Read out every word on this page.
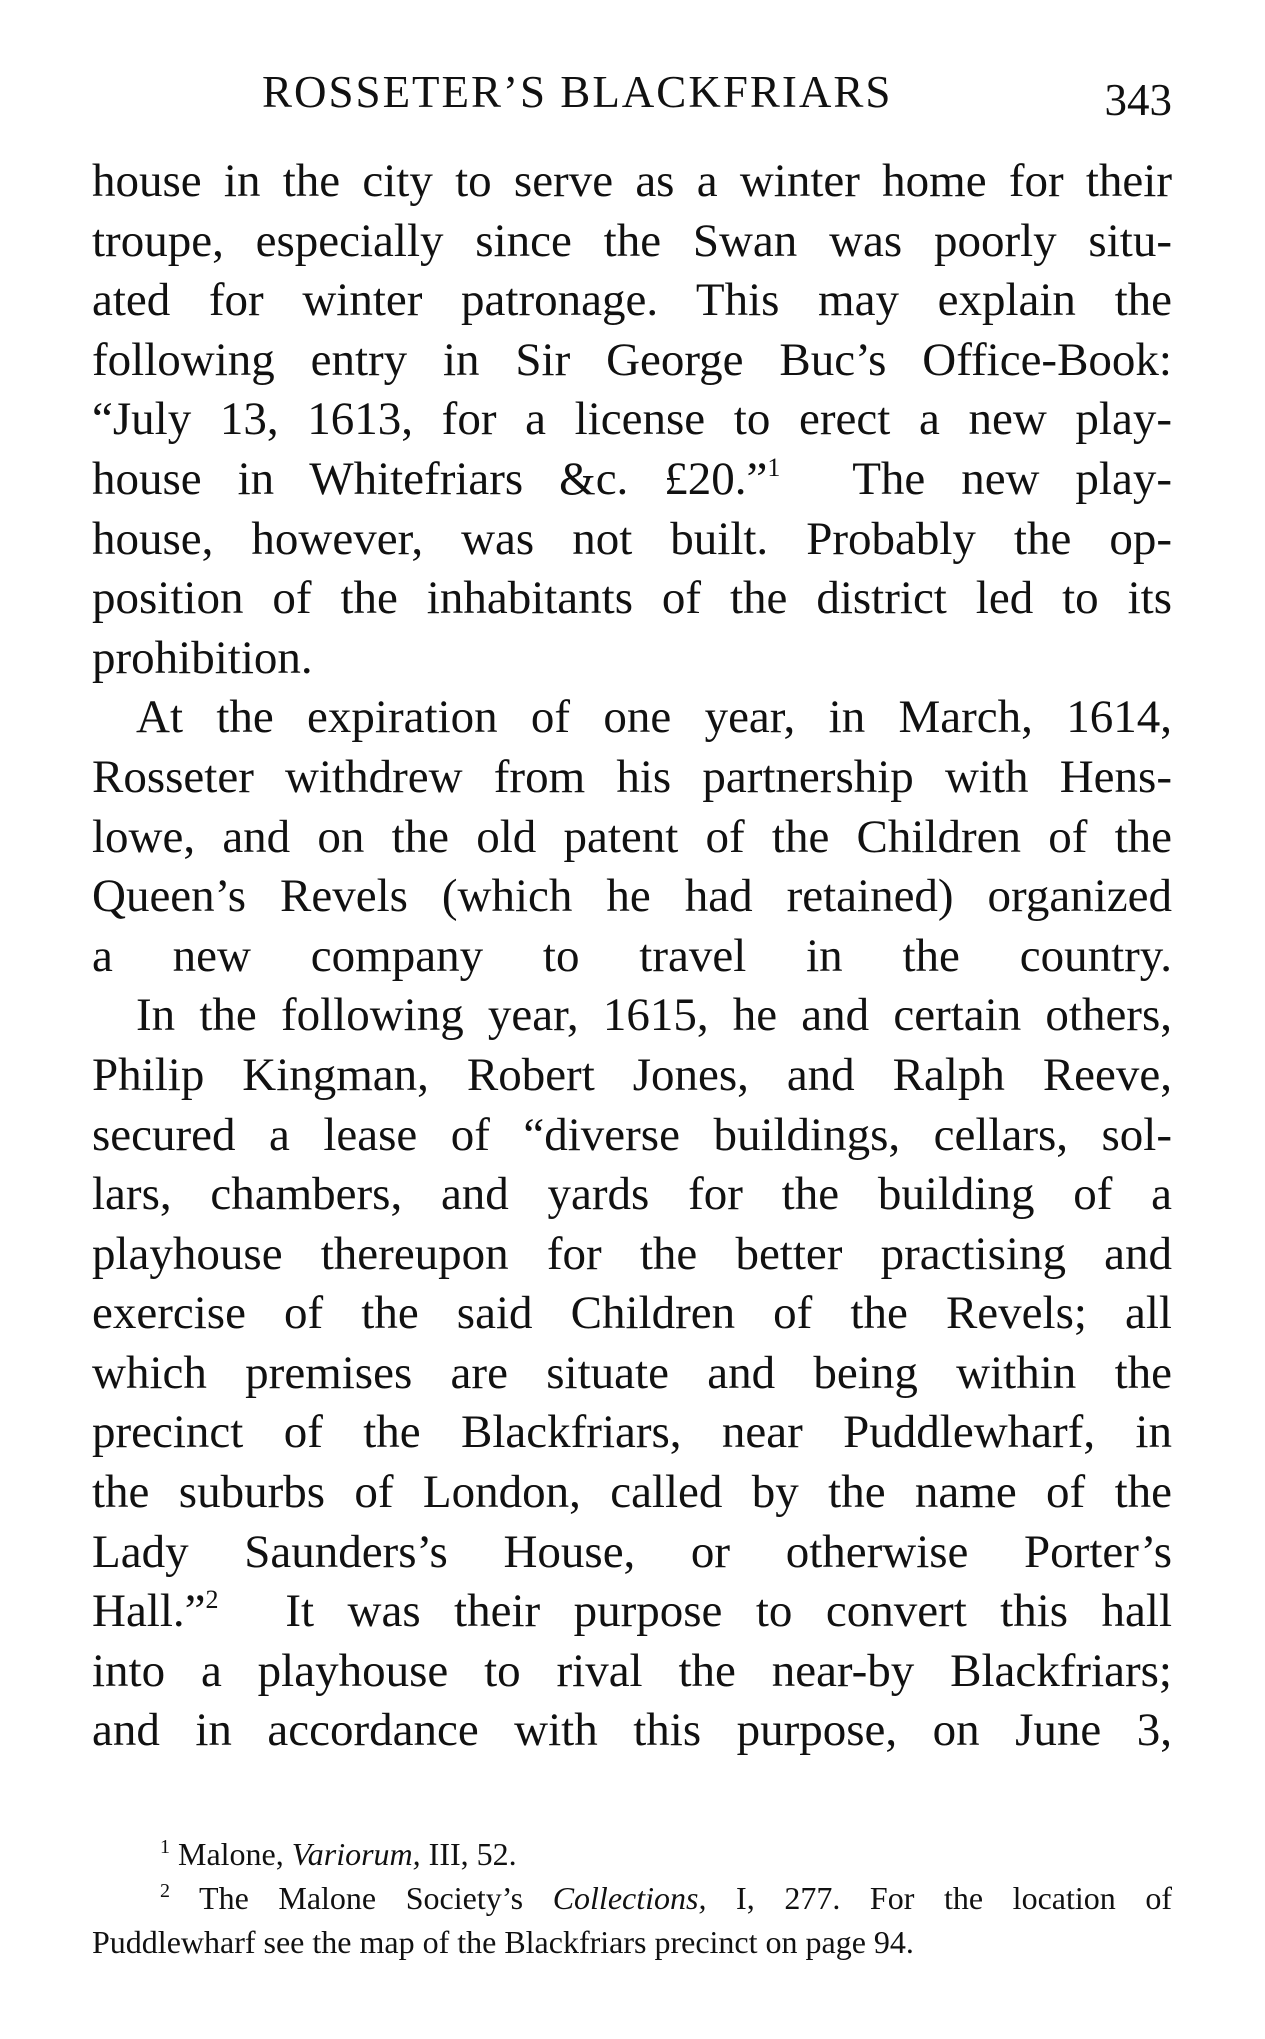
ROSSETER’S BLACKFRIARS	343
house in the city to serve as a winter home for their
troupe, especially since the Swan was poorly situ-
ated for winter patronage. This may explain the
following entry in Sir George Buc’s Office-Book:
“July 13, 1613, for a license to erect a new play-
house in Whitefriars &c. £20.”$^1$ The new play-
house, however, was not built. Probably the op-
position of the inhabitants of the district led to its
prohibition.
At the expiration of one year, in March, 1614,
Rosseter withdrew from his partnership with Hens-
lowe, and on the old patent of the Children of the
Queen’s Revels (which he had retained) organized
a new company to travel in the country.
In the following year, 1615, he and certain others,
Philip Kingman, Robert Jones, and Ralph Reeve,
secured a lease of “diverse buildings, cellars, sol-
lars, chambers, and yards for the building of a
playhouse thereupon for the better practising and
exercise of the said Children of the Revels; all
which premises are situate and being within the
precinct of the Blackfriars, near Puddlewharf, in
the suburbs of London, called by the name of the
Lady Saunders’s House, or otherwise Porter’s
Hall.”$^2$ It was their purpose to convert this hall
into a playhouse to rival the near-by Blackfriars;
and in accordance with this purpose, on June 3,
$^1$ Malone, Variorum, III, 52.
$^2$ The Malone Society’s Collections, I, 277. For the location of
Puddlewharf see the map of the Blackfriars precinct on page 94.
